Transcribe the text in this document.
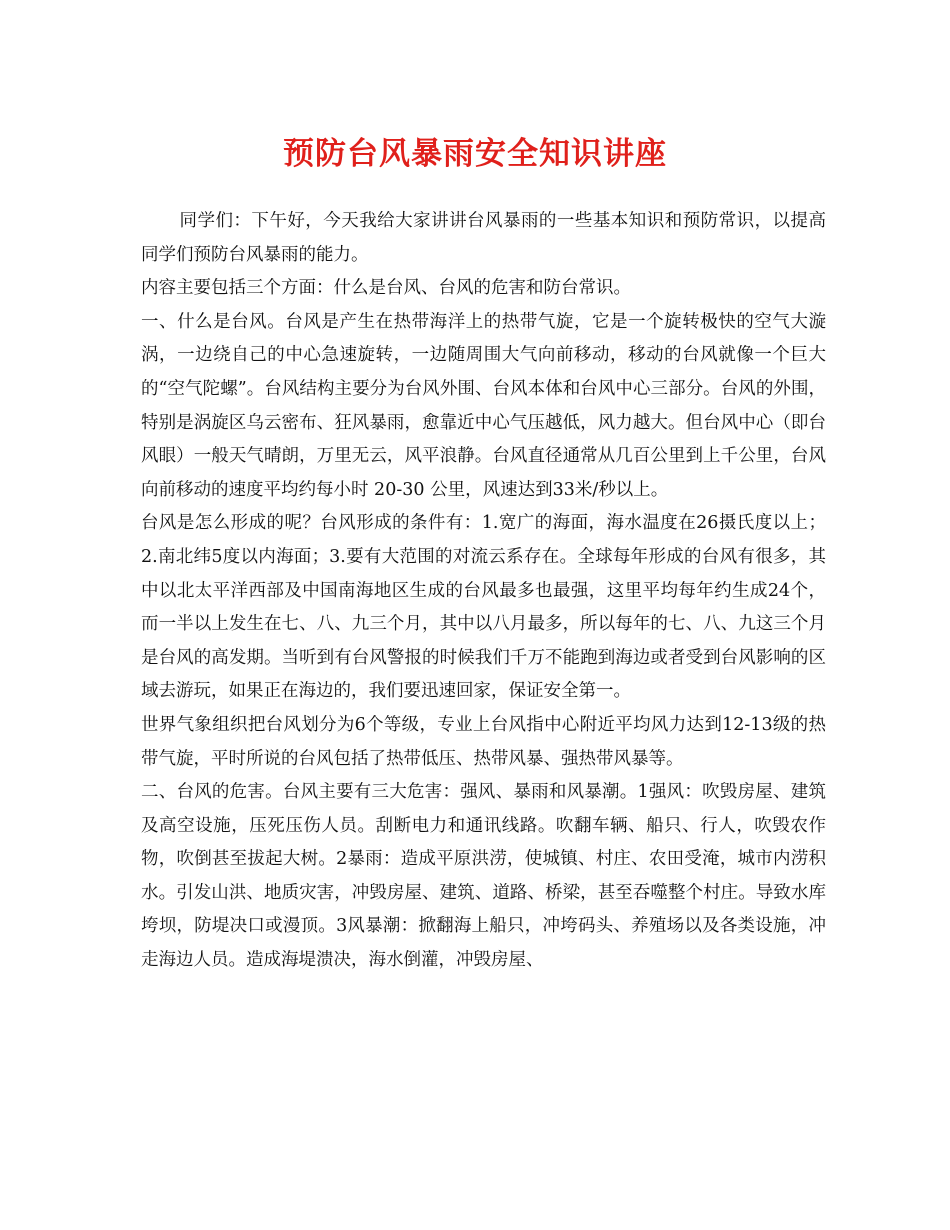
预防台风暴雨安全知识讲座

同学们：下午好，今天我给大家讲讲台风暴雨的一些基本知识和预防常识，以提高同学们预防台风暴雨的能力。

内容主要包括三个方面：什么是台风、台风的危害和防台常识。

一、什么是台风。台风是产生在热带海洋上的热带气旋，它是一个旋转极快的空气大漩涡，一边绕自己的中心急速旋转，一边随周围大气向前移动，移动的台风就像一个巨大的“空气陀螺”。台风结构主要分为台风外围、台风本体和台风中心三部分。台风的外围，特别是涡旋区乌云密布、狂风暴雨，愈靠近中心气压越低，风力越大。但台风中心（即台风眼）一般天气晴朗，万里无云，风平浪静。台风直径通常从几百公里到上千公里，台风向前移动的速度平均约每小时 20-30 公里，风速达到33米/秒以上。

台风是怎么形成的呢？台风形成的条件有：1.宽广的海面，海水温度在26摄氏度以上；2.南北纬5度以内海面；3.要有大范围的对流云系存在。全球每年形成的台风有很多，其中以北太平洋西部及中国南海地区生成的台风最多也最强，这里平均每年约生成24个，而一半以上发生在七、八、九三个月，其中以八月最多，所以每年的七、八、九这三个月是台风的高发期。当听到有台风警报的时候我们千万不能跑到海边或者受到台风影响的区域去游玩，如果正在海边的，我们要迅速回家，保证安全第一。

世界气象组织把台风划分为6个等级，专业上台风指中心附近平均风力达到12-13级的热带气旋，平时所说的台风包括了热带低压、热带风暴、强热带风暴等。

二、台风的危害。台风主要有三大危害：强风、暴雨和风暴潮。1强风：吹毁房屋、建筑及高空设施，压死压伤人员。刮断电力和通讯线路。吹翻车辆、船只、行人，吹毁农作物，吹倒甚至拔起大树。2暴雨：造成平原洪涝，使城镇、村庄、农田受淹，城市内涝积水。引发山洪、地质灾害，冲毁房屋、建筑、道路、桥梁，甚至吞噬整个村庄。导致水库垮坝，防堤决口或漫顶。3风暴潮：掀翻海上船只，冲垮码头、养殖场以及各类设施，冲走海边人员。造成海堤溃决，海水倒灌，冲毁房屋、
